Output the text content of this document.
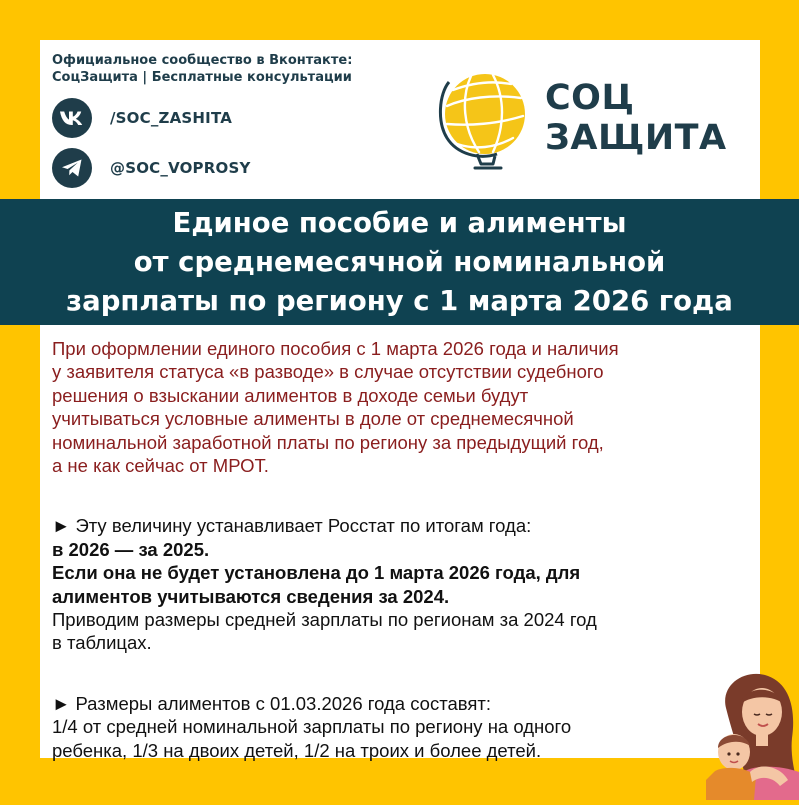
Официальное сообщество в Вконтакте:

СоцЗащита | Бесплатные консультации

/SOC_ZASHITA
@SOC_VOPROSY
СОЦ
ЗАЩИТА
Единое пособие и алименты
от среднемесячной номинальной
зарплаты по региону с 1 марта 2026 года

При оформлении единого пособия с 1 марта 2026 года и наличия

у заявителя статуса «в разводе» в случае отсутствии судебного

решения о взыскании алиментов в доходе семьи будут

учитываться условные алименты в доле от среднемесячной

номинальной заработной платы по региону за предыдущий год,

а не как сейчас от МРОТ.

► Эту величину устанавливает Росстат по итогам года:

в 2026 — за 2025.

Если она не будет установлена до 1 марта 2026 года, для

алиментов учитываются сведения за 2024.

Приводим размеры средней зарплаты по регионам за 2024 год

в таблицах.

► Размеры алиментов с 01.03.2026 года составят:

1/4 от средней номинальной зарплаты по региону на одного

ребенка, 1/3 на двоих детей, 1/2 на троих и более детей.
